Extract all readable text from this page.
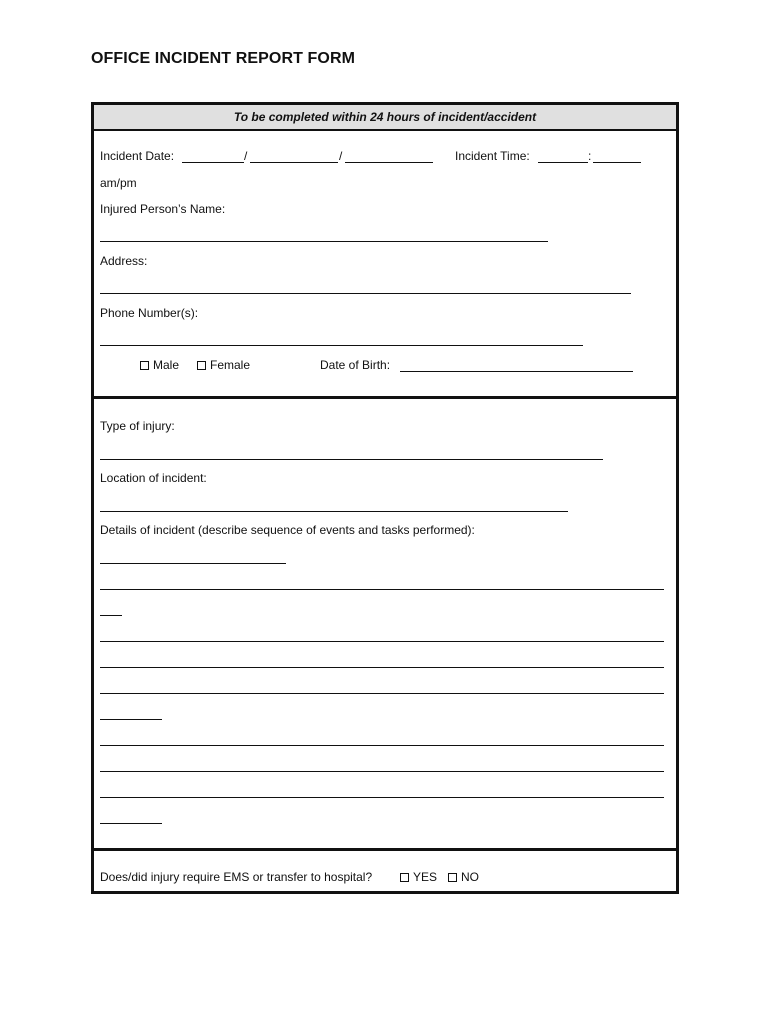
OFFICE INCIDENT REPORT FORM
To be completed within 24 hours of incident/accident
Incident Date:	/	/	Incident Time:	:
am/pm
Injured Person’s Name:
Address:
Phone Number(s):
Male	Female	Date of Birth:
Type of injury:
Location of incident:
Details of incident (describe sequence of events and tasks performed):
Does/did injury require EMS or transfer to hospital?	YES	NO
